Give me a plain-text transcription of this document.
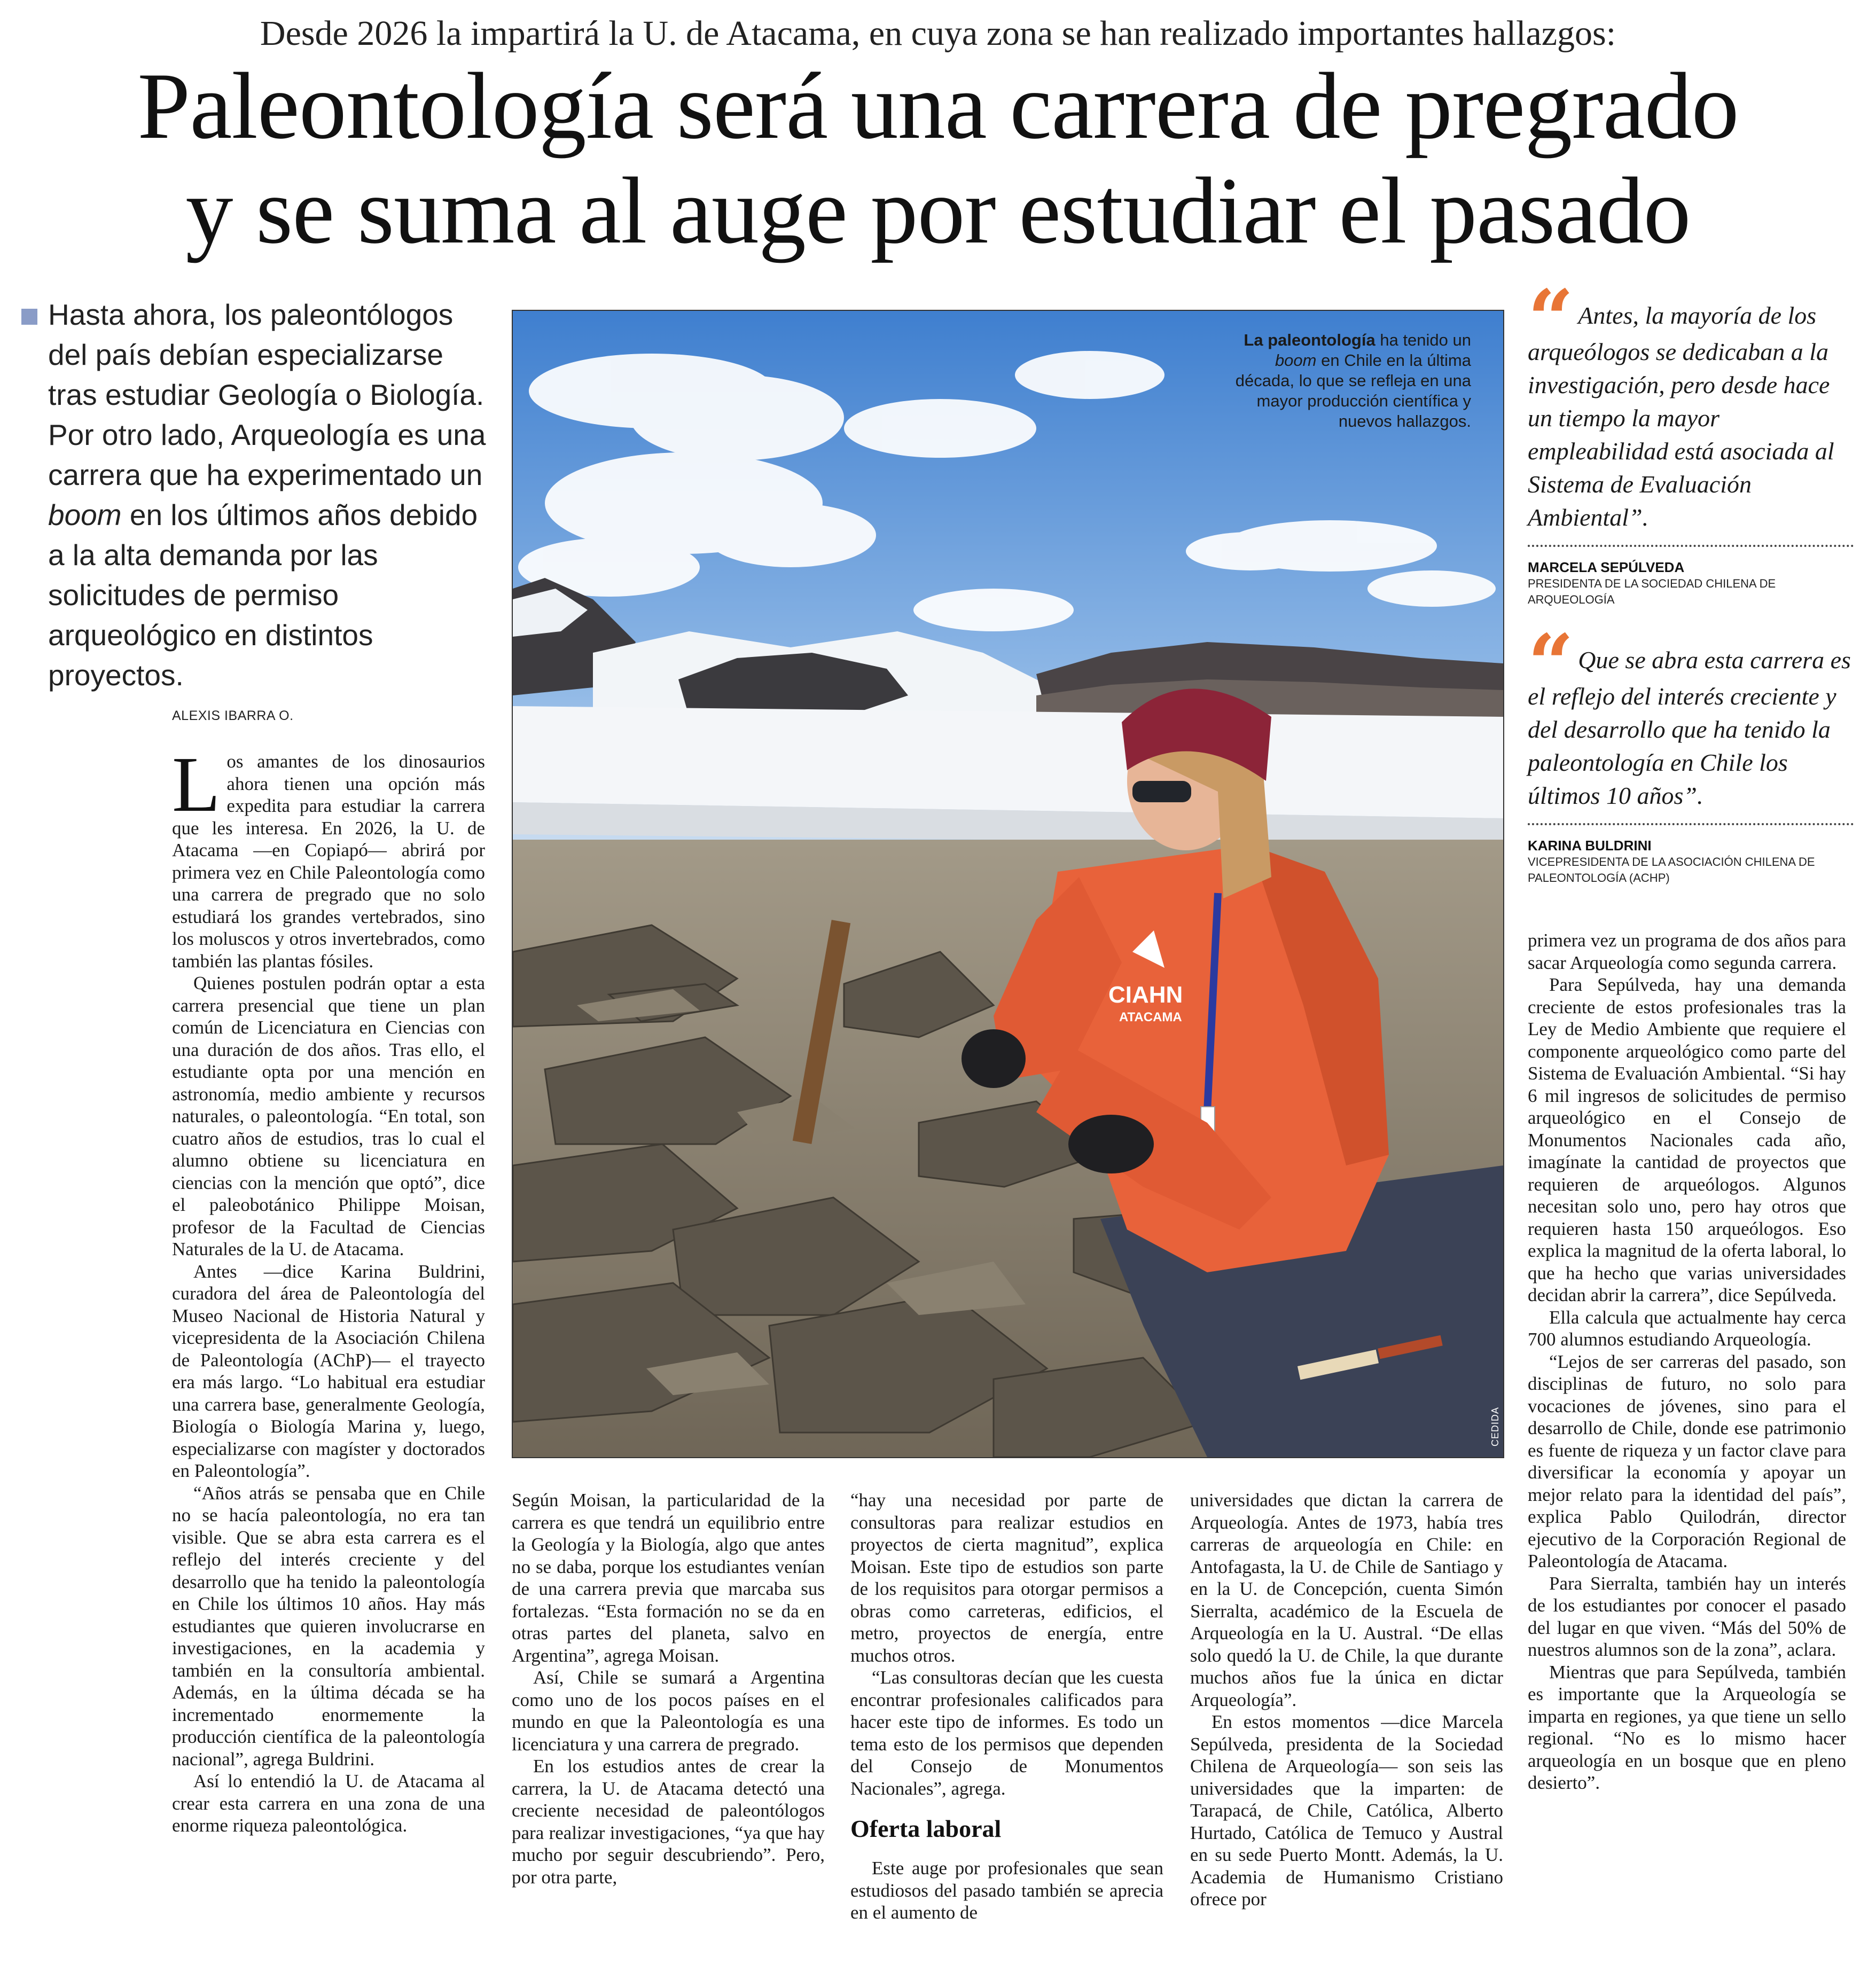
Desde 2026 la impartirá la U. de Atacama, en cuya zona se han realizado importantes hallazgos:
Paleontología será una carrera de pregrado
y se suma al auge por estudiar el pasado

Hasta ahora, los paleontólogos del país debían especializarse tras estudiar Geología o Biología. Por otro lado, Arqueología es una carrera que ha experimentado un boom en los últimos años debido a la alta demanda por las solicitudes de permiso arqueológico en distintos proyectos.

ALEXIS IBARRA O.

Los amantes de los dinosaurios ahora tienen una opción más expedita para estudiar la carrera que les interesa. En 2026, la U. de Atacama —en Copiapó— abrirá por primera vez en Chile Paleontología como una carrera de pregrado que no solo estudiará los grandes vertebrados, sino los moluscos y otros invertebrados, como también las plantas fósiles.

Quienes postulen podrán optar a esta carrera presencial que tiene un plan común de Licenciatura en Ciencias con una duración de dos años. Tras ello, el estudiante opta por una mención en astronomía, medio ambiente y recursos naturales, o paleontología. “En total, son cuatro años de estudios, tras lo cual el alumno obtiene su licenciatura en ciencias con la mención que optó”, dice el paleobotánico Philippe Moisan, profesor de la Facultad de Ciencias Naturales de la U. de Atacama.

Antes —dice Karina Buldrini, curadora del área de Paleontología del Museo Nacional de Historia Natural y vicepresidenta de la Asociación Chilena de Paleontología (AChP)— el trayecto era más largo. “Lo habitual era estudiar una carrera base, generalmente Geología, Biología o Biología Marina y, luego, especializarse con magíster y doctorados en Paleontología”.

“Años atrás se pensaba que en Chile no se hacía paleontología, no era tan visible. Que se abra esta carrera es el reflejo del interés creciente y del desarrollo que ha tenido la paleontología en Chile los últimos 10 años. Hay más estudiantes que quieren involucrarse en investigaciones, en la academia y también en la consultoría ambiental. Además, en la última década se ha incrementado enormemente la producción científica de la paleontología nacional”, agrega Buldrini.

Así lo entendió la U. de Atacama al crear esta carrera en una zona de una enorme riqueza paleontológica.

CIAHN
ATACAMA
La paleontología ha tenido un boom en Chile en la última década, lo que se refleja en una mayor producción científica y nuevos hallazgos.
CEDIDA

Según Moisan, la particularidad de la carrera es que tendrá un equilibrio entre la Geología y la Biología, algo que antes no se daba, porque los estudiantes venían de una carrera previa que marcaba sus fortalezas. “Esta formación no se da en otras partes del planeta, salvo en Argentina”, agrega Moisan.

Así, Chile se sumará a Argentina como uno de los pocos países en el mundo en que la Paleontología es una licenciatura y una carrera de pregrado.

En los estudios antes de crear la carrera, la U. de Atacama detectó una creciente necesidad de paleontólogos para realizar investigaciones, “ya que hay mucho por seguir descubriendo”. Pero, por otra parte,

“hay una necesidad por parte de consultoras para realizar estudios en proyectos de cierta magnitud”, explica Moisan. Este tipo de estudios son parte de los requisitos para otorgar permisos a obras como carreteras, edificios, el metro, proyectos de energía, entre muchos otros.

“Las consultoras decían que les cuesta encontrar profesionales calificados para hacer este tipo de informes. Es todo un tema esto de los permisos que dependen del Consejo de Monumentos Nacionales”, agrega.

Oferta laboral

Este auge por profesionales que sean estudiosos del pasado también se aprecia en el aumento de

universidades que dictan la carrera de Arqueología. Antes de 1973, había tres carreras de arqueología en Chile: en Antofagasta, la U. de Chile de Santiago y en la U. de Concepción, cuenta Simón Sierralta, académico de la Escuela de Arqueología en la U. Austral. “De ellas solo quedó la U. de Chile, la que durante muchos años fue la única en dictar Arqueología”.

En estos momentos —dice Marcela Sepúlveda, presidenta de la Sociedad Chilena de Arqueología— son seis las universidades que la imparten: de Tarapacá, de Chile, Católica, Alberto Hurtado, Católica de Temuco y Austral en su sede Puerto Montt. Además, la U. Academia de Humanismo Cristiano ofrece por

“ Antes, la mayoría de los arqueólogos se dedicaban a la investigación, pero desde hace un tiempo la mayor empleabilidad está asociada al Sistema de Evaluación Ambiental”.
MARCELA SEPÚLVEDA
PRESIDENTA DE LA SOCIEDAD CHILENA DE ARQUEOLOGÍA
“ Que se abra esta carrera es el reflejo del interés creciente y del desarrollo que ha tenido la paleontología en Chile los últimos 10 años”.
KARINA BULDRINI
VICEPRESIDENTA DE LA ASOCIACIÓN CHILENA DE PALEONTOLOGÍA (ACHP)

primera vez un programa de dos años para sacar Arqueología como segunda carrera.

Para Sepúlveda, hay una demanda creciente de estos profesionales tras la Ley de Medio Ambiente que requiere el componente arqueológico como parte del Sistema de Evaluación Ambiental. “Si hay 6 mil ingresos de solicitudes de permiso arqueológico en el Consejo de Monumentos Nacionales cada año, imagínate la cantidad de proyectos que requieren de arqueólogos. Algunos necesitan solo uno, pero hay otros que requieren hasta 150 arqueólogos. Eso explica la magnitud de la oferta laboral, lo que ha hecho que varias universidades decidan abrir la carrera”, dice Sepúlveda.

Ella calcula que actualmente hay cerca 700 alumnos estudiando Arqueología.

“Lejos de ser carreras del pasado, son disciplinas de futuro, no solo para vocaciones de jóvenes, sino para el desarrollo de Chile, donde ese patrimonio es fuente de riqueza y un factor clave para diversificar la economía y apoyar un mejor relato para la identidad del país”, explica Pablo Quilodrán, director ejecutivo de la Corporación Regional de Paleontología de Atacama.

Para Sierralta, también hay un interés de los estudiantes por conocer el pasado del lugar en que viven. “Más del 50% de nuestros alumnos son de la zona”, aclara.

Mientras que para Sepúlveda, también es importante que la Arqueología se imparta en regiones, ya que tiene un sello regional. “No es lo mismo hacer arqueología en un bosque que en pleno desierto”.
